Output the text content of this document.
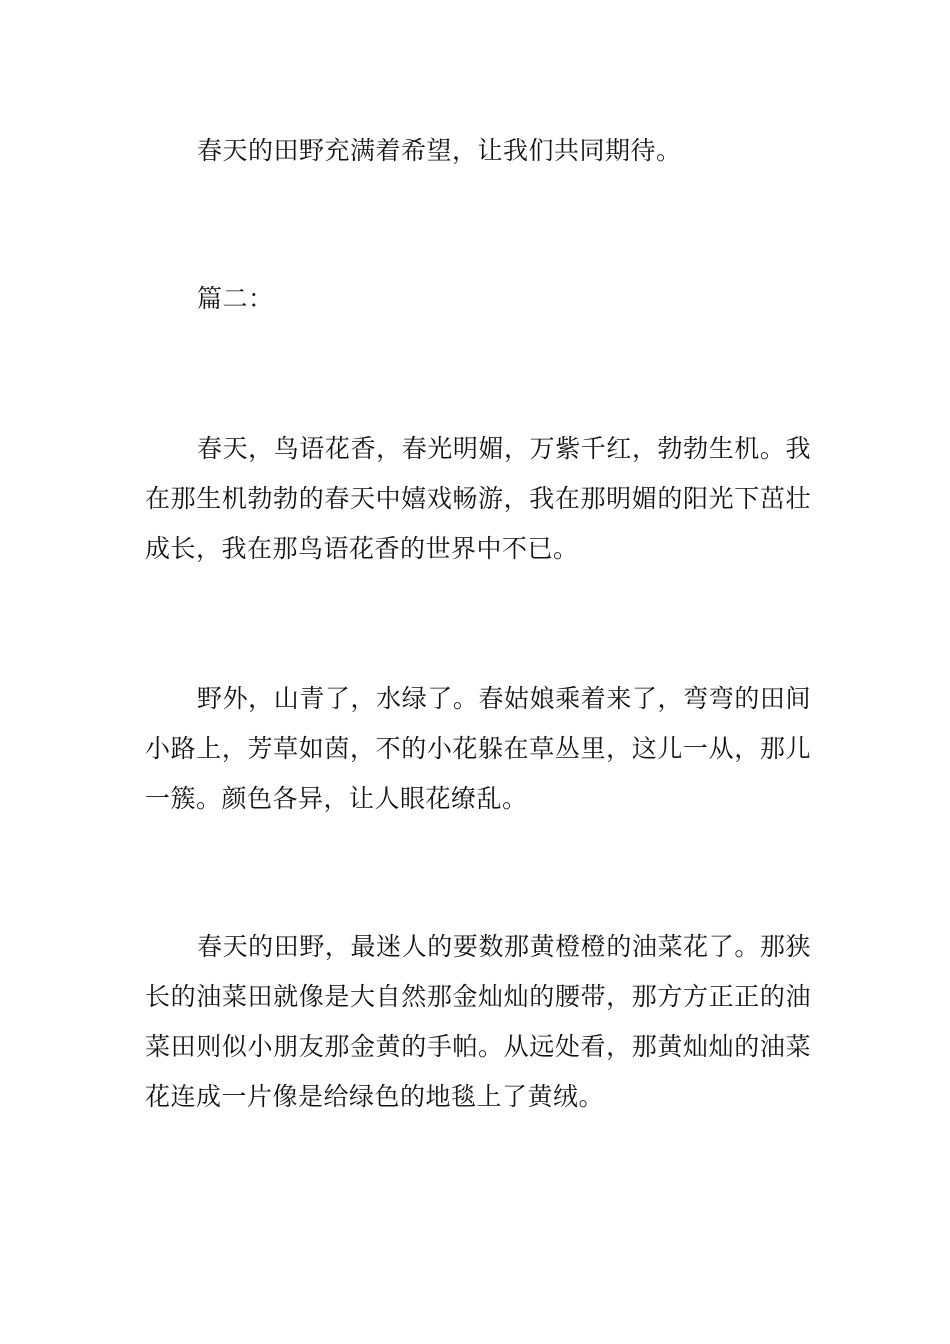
春天的田野充满着希望，让我们共同期待。

篇二：

春天，鸟语花香，春光明媚，万紫千红，勃勃生机。我在那生机勃勃的春天中嬉戏畅游，我在那明媚的阳光下茁壮成长，我在那鸟语花香的世界中不已。

野外，山青了，水绿了。春姑娘乘着来了，弯弯的田间小路上，芳草如茵，不的小花躲在草丛里，这儿一从，那儿一簇。颜色各异，让人眼花缭乱。

春天的田野，最迷人的要数那黄橙橙的油菜花了。那狭长的油菜田就像是大自然那金灿灿的腰带，那方方正正的油菜田则似小朋友那金黄的手帕。从远处看，那黄灿灿的油菜花连成一片像是给绿色的地毯上了黄绒。
